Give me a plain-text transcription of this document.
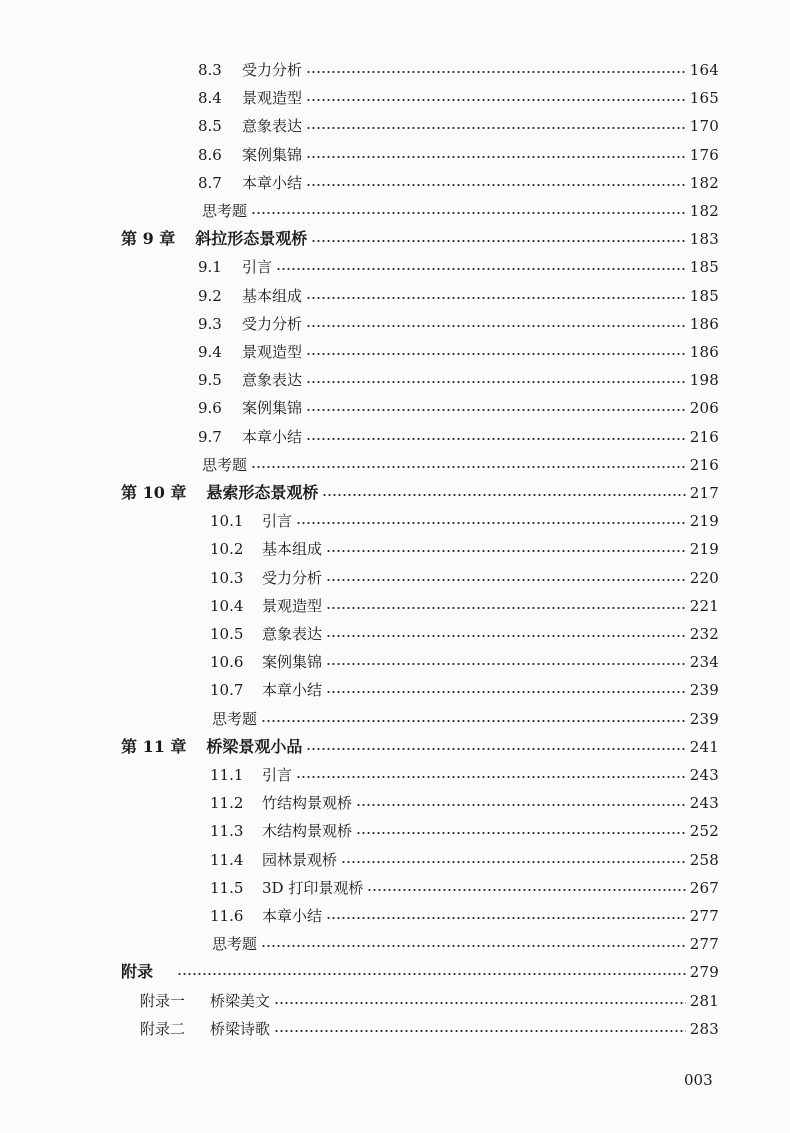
8.3	受力分析	164
8.4	景观造型	165
8.5	意象表达	170
8.6	案例集锦	176
8.7	本章小结	182
思考题	182
第 9 章 斜拉形态景观桥	183
9.1	引言	185
9.2	基本组成	185
9.3	受力分析	186
9.4	景观造型	186
9.5	意象表达	198
9.6	案例集锦	206
9.7	本章小结	216
思考题	216
第 10 章 悬索形态景观桥	217
10.1	引言	219
10.2	基本组成	219
10.3	受力分析	220
10.4	景观造型	221
10.5	意象表达	232
10.6	案例集锦	234
10.7	本章小结	239
思考题	239
第 11 章 桥梁景观小品	241
11.1	引言	243
11.2	竹结构景观桥	243
11.3	木结构景观桥	252
11.4	园林景观桥	258
11.5	3D 打印景观桥	267
11.6	本章小结	277
思考题	277
附录	279
附录一	桥梁美文	281
附录二	桥梁诗歌	283
003
